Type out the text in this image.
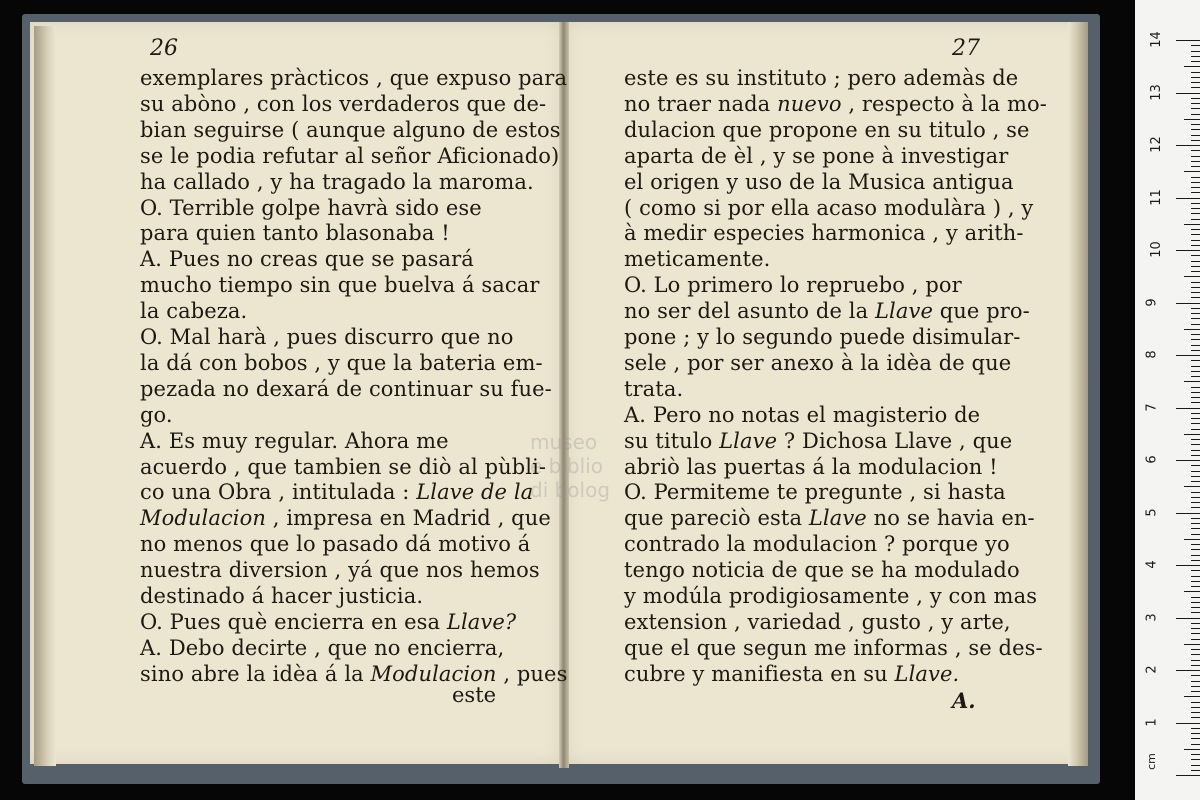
museo
e biblio
di bolog
26	27
exemplares pràcticos , que expuso para
su abòno , con los verdaderos que de-
bian seguirse ( aunque alguno de estos
se le podia refutar al señor Aficionado)
ha callado , y ha tragado la maroma.
O. Terrible golpe havrà sido ese
para quien tanto blasonaba !
A. Pues no creas que se pasará
mucho tiempo sin que buelva á sacar
la cabeza.
O. Mal harà , pues discurro que no
la dá con bobos , y que la bateria em-
pezada no dexará de continuar su fue-
go.
A. Es muy regular. Ahora me
acuerdo , que tambien se diò al pùbli-
co una Obra , intitulada : Llave de la
Modulacion , impresa en Madrid , que
no menos que lo pasado dá motivo á
nuestra diversion , yá que nos hemos
destinado á hacer justicia.
O. Pues què encierra en esa Llave?
A. Debo decirte , que no encierra,
sino abre la idèa á la Modulacion , pues
este es su instituto ; pero ademàs de
no traer nada nuevo , respecto à la mo-
dulacion que propone en su titulo , se
aparta de èl , y se pone à investigar
el origen y uso de la Musica antigua
( como si por ella acaso modulàra ) , y
à medir especies harmonica , y arith-
meticamente.
O. Lo primero lo repruebo , por
no ser del asunto de la Llave que pro-
pone ; y lo segundo puede disimular-
sele , por ser anexo à la idèa de que
trata.
A. Pero no notas el magisterio de
su titulo Llave ? Dichosa Llave , que
abriò las puertas á la modulacion !
O. Permiteme te pregunte , si hasta
que pareciò esta Llave no se havia en-
contrado la modulacion ? porque yo
tengo noticia de que se ha modulado
y modúla prodigiosamente , y con mas
extension , variedad , gusto , y arte,
que el que segun me informas , se des-
cubre y manifiesta en su Llave.
este	A.
1
2
3
4
5
6
7
8
9
10
11
12
13
14
cm
